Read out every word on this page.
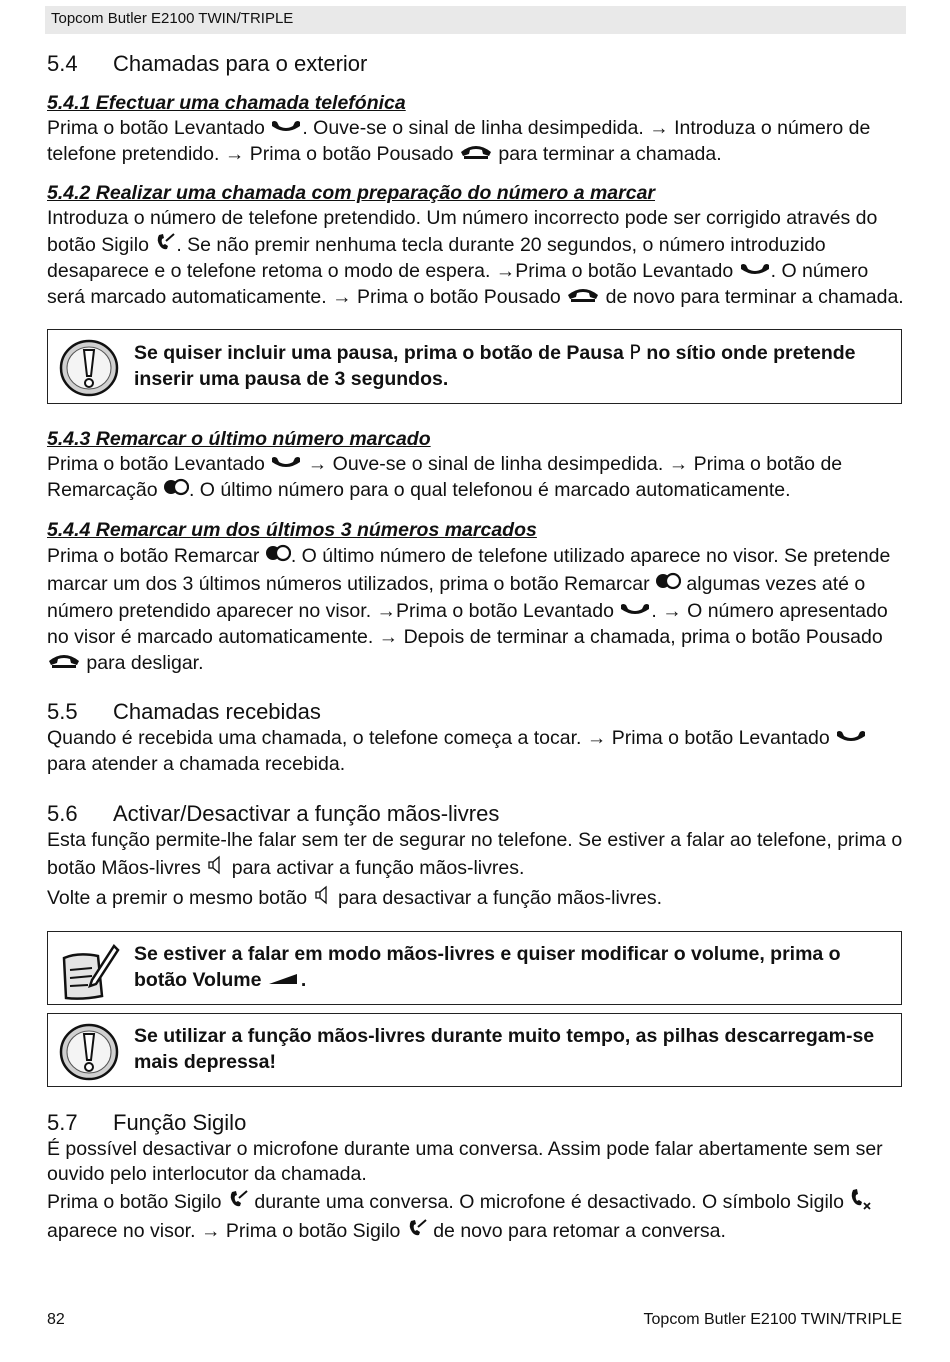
Topcom Butler E2100 TWIN/TRIPLE
5.4 Chamadas para o exterior
5.4.1 Efectuar uma chamada telefónica

Prima o botão Levantado . Ouve-se o sinal de linha desimpedida. → Introduza o número de telefone pretendido. → Prima o botão Pousado  para terminar a chamada.

5.4.2 Realizar uma chamada com preparação do número a marcar

Introduza o número de telefone pretendido. Um número incorrecto pode ser corrigido através do botão Sigilo . Se não premir nenhuma tecla durante 20 segundos, o número introduzido desaparece e o telefone retoma o modo de espera. →Prima o botão Levantado . O número será marcado automaticamente. → Prima o botão Pousado  de novo para terminar a chamada.

Se quiser incluir uma pausa, prima o botão de Pausa P no sítio onde pretende inserir uma pausa de 3 segundos.
5.4.3 Remarcar o último número marcado

Prima o botão Levantado  → Ouve-se o sinal de linha desimpedida. → Prima o botão de Remarcação . O último número para o qual telefonou é marcado automaticamente.

5.4.4 Remarcar um dos últimos 3 números marcados

Prima o botão Remarcar . O último número de telefone utilizado aparece no visor. Se pretende marcar um dos 3 últimos números utilizados, prima o botão Remarcar  algumas vezes até o número pretendido aparecer no visor. →Prima o botão Levantado . → O número apresentado no visor é marcado automaticamente. → Depois de terminar a chamada, prima o botão Pousado  para desligar.

5.5 Chamadas recebidas

Quando é recebida uma chamada, o telefone começa a tocar. → Prima o botão Levantado  para atender a chamada recebida.

5.6 Activar/Desactivar a função mãos-livres

Esta função permite-lhe falar sem ter de segurar no telefone. Se estiver a falar ao telefone, prima o botão Mãos-livres  para activar a função mãos-livres.

Volte a premir o mesmo botão  para desactivar a função mãos-livres.

Se estiver a falar em modo mãos-livres e quiser modificar o volume, prima o botão Volume .
Se utilizar a função mãos-livres durante muito tempo, as pilhas descarregam-se mais depressa!
5.7 Função Sigilo

É possível desactivar o microfone durante uma conversa. Assim pode falar abertamente sem ser ouvido pelo interlocutor da chamada.

Prima o botão Sigilo  durante uma conversa. O microfone é desactivado. O símbolo Sigilo  aparece no visor. → Prima o botão Sigilo  de novo para retomar a conversa.

82	Topcom Butler E2100 TWIN/TRIPLE
